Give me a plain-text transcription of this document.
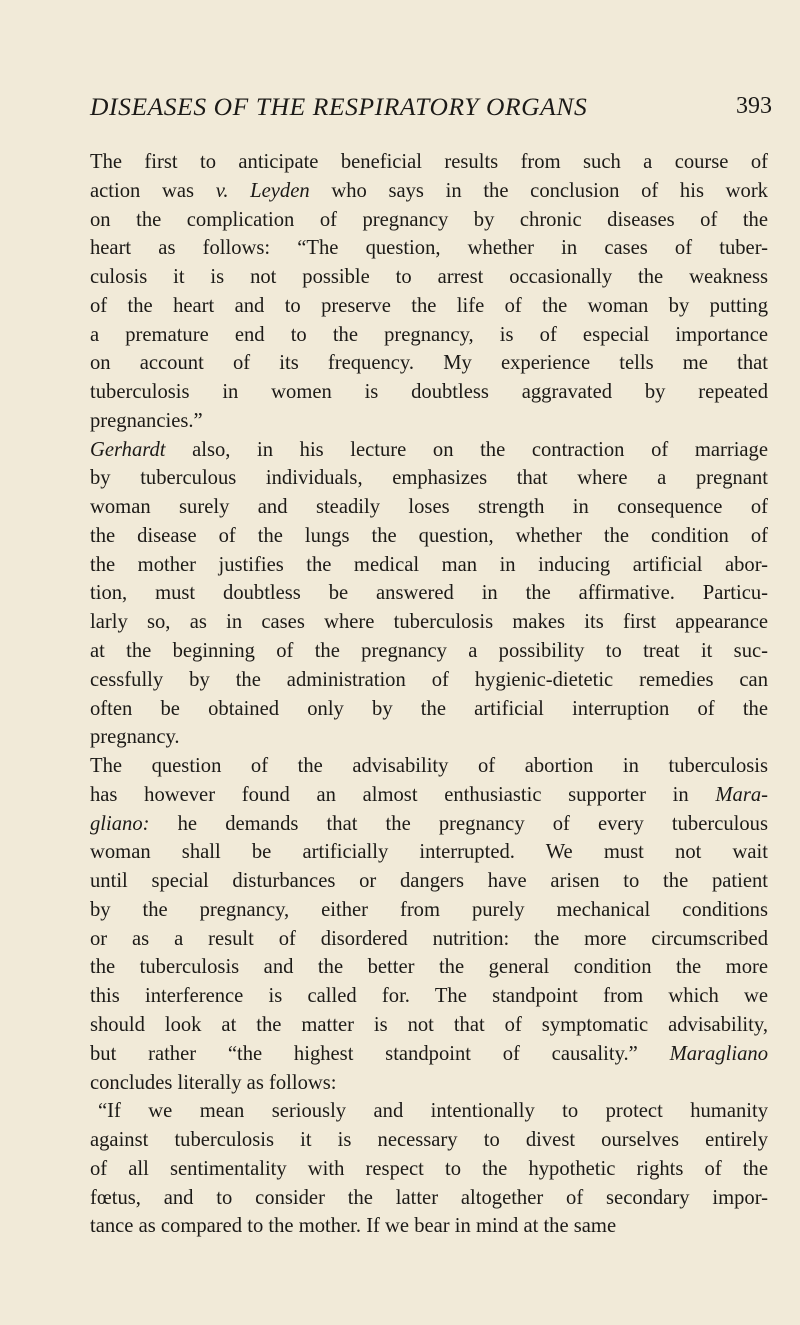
DISEASES OF THE RESPIRATORY ORGANS	393
The first to anticipate beneficial results from such a course of
action was v. Leyden who says in the conclusion of his work
on the complication of pregnancy by chronic diseases of the
heart as follows: “The question, whether in cases of tuber-
culosis it is not possible to arrest occasionally the weakness
of the heart and to preserve the life of the woman by putting
a premature end to the pregnancy, is of especial importance
on account of its frequency. My experience tells me that
tuberculosis in women is doubtless aggravated by repeated
pregnancies.”
Gerhardt also, in his lecture on the contraction of marriage
by tuberculous individuals, emphasizes that where a pregnant
woman surely and steadily loses strength in consequence of
the disease of the lungs the question, whether the condition of
the mother justifies the medical man in inducing artificial abor-
tion, must doubtless be answered in the affirmative. Particu-
larly so, as in cases where tuberculosis makes its first appearance
at the beginning of the pregnancy a possibility to treat it suc-
cessfully by the administration of hygienic-dietetic remedies can
often be obtained only by the artificial interruption of the
pregnancy.
The question of the advisability of abortion in tuberculosis
has however found an almost enthusiastic supporter in Mara-
gliano: he demands that the pregnancy of every tuberculous
woman shall be artificially interrupted. We must not wait
until special disturbances or dangers have arisen to the patient
by the pregnancy, either from purely mechanical conditions
or as a result of disordered nutrition: the more circumscribed
the tuberculosis and the better the general condition the more
this interference is called for. The standpoint from which we
should look at the matter is not that of symptomatic advisability,
but rather “the highest standpoint of causality.” Maragliano
concludes literally as follows:
“If we mean seriously and intentionally to protect humanity
against tuberculosis it is necessary to divest ourselves entirely
of all sentimentality with respect to the hypothetic rights of the
fœtus, and to consider the latter altogether of secondary impor-
tance as compared to the mother. If we bear in mind at the same
